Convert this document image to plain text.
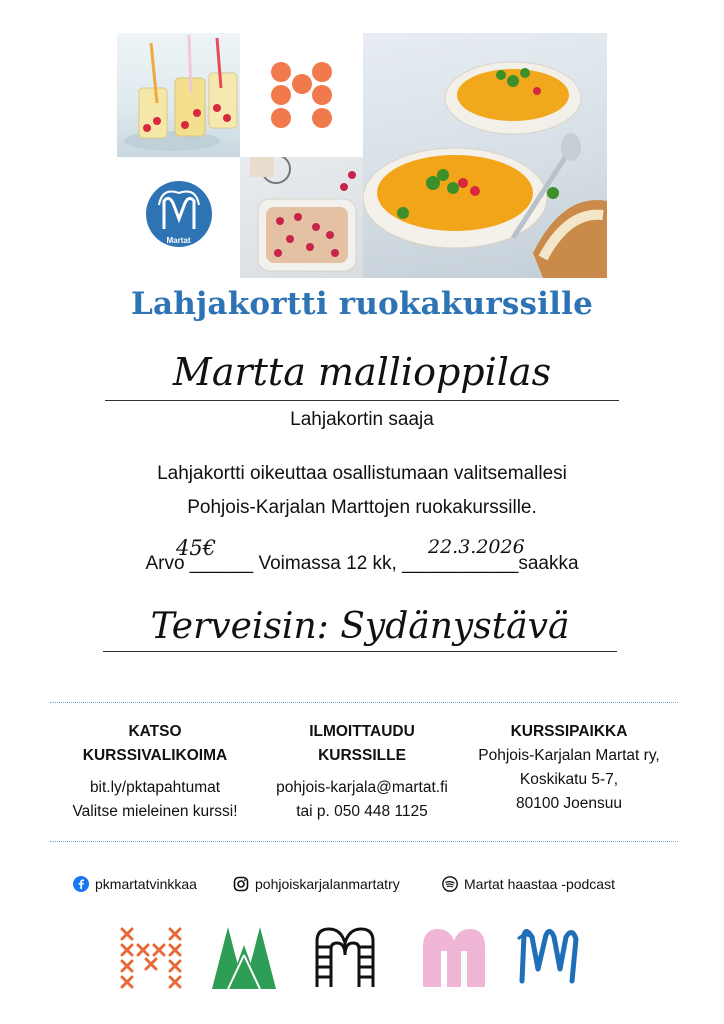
Martat
Lahjakortti ruokakurssille
Martta mallioppilas
Lahjakortin saaja
Lahjakortti oikeuttaa osallistumaan valitsemallesi
Pohjois-Karjalan Marttojen ruokakurssille.
Arvo ______ Voimassa 12 kk, ___________saakka
45€	22.3.2026
Terveisin: Sydänystävä
KATSO
KURSSIVALIKOIMA
bit.ly/pktapahtumat
Valitse mieleinen kurssi!
ILMOITTAUDU
KURSSILLE
pohjois-karjala@martat.fi
tai p. 050 448 1125
KURSSIPAIKKA
Pohjois-Karjalan Martat ry,
Koskikatu 5-7,
80100 Joensuu
pkmartatvinkkaa	pohjoiskarjalanmartatry	Martat haastaa -podcast
